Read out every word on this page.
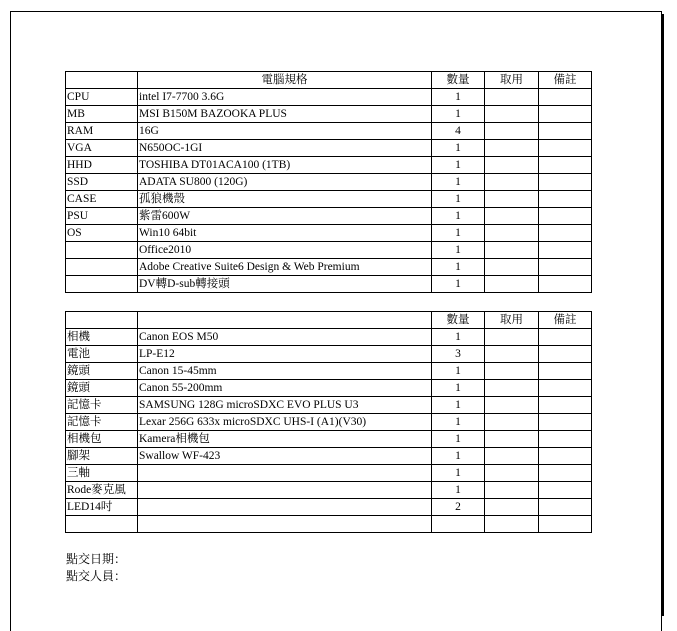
	電腦規格	數量	取用	備註
CPU	intel I7-7700 3.6G	1		
MB	MSI B150M BAZOOKA PLUS	1		
RAM	16G	4		
VGA	N650OC-1GI	1		
HHD	TOSHIBA DT01ACA100 (1TB)	1		
SSD	ADATA SU800 (120G)	1		
CASE	孤狼機殼	1		
PSU	紫雷600W	1		
OS	Win10 64bit	1		
	Office2010	1		
	Adobe Creative Suite6 Design & Web Premium	1		
	DV轉D-sub轉接頭	1		
		數量	取用	備註
相機	Canon EOS M50	1		
電池	LP-E12	3		
鏡頭	Canon 15-45mm	1		
鏡頭	Canon 55-200mm	1		
記憶卡	SAMSUNG 128G microSDXC EVO PLUS U3	1		
記憶卡	Lexar 256G 633x microSDXC UHS-I (A1)(V30)	1		
相機包	Kamera相機包	1		
腳架	Swallow WF-423	1		
三軸		1		
Rode麥克風		1		
LED14吋		2		

點交日期：
點交人員：
